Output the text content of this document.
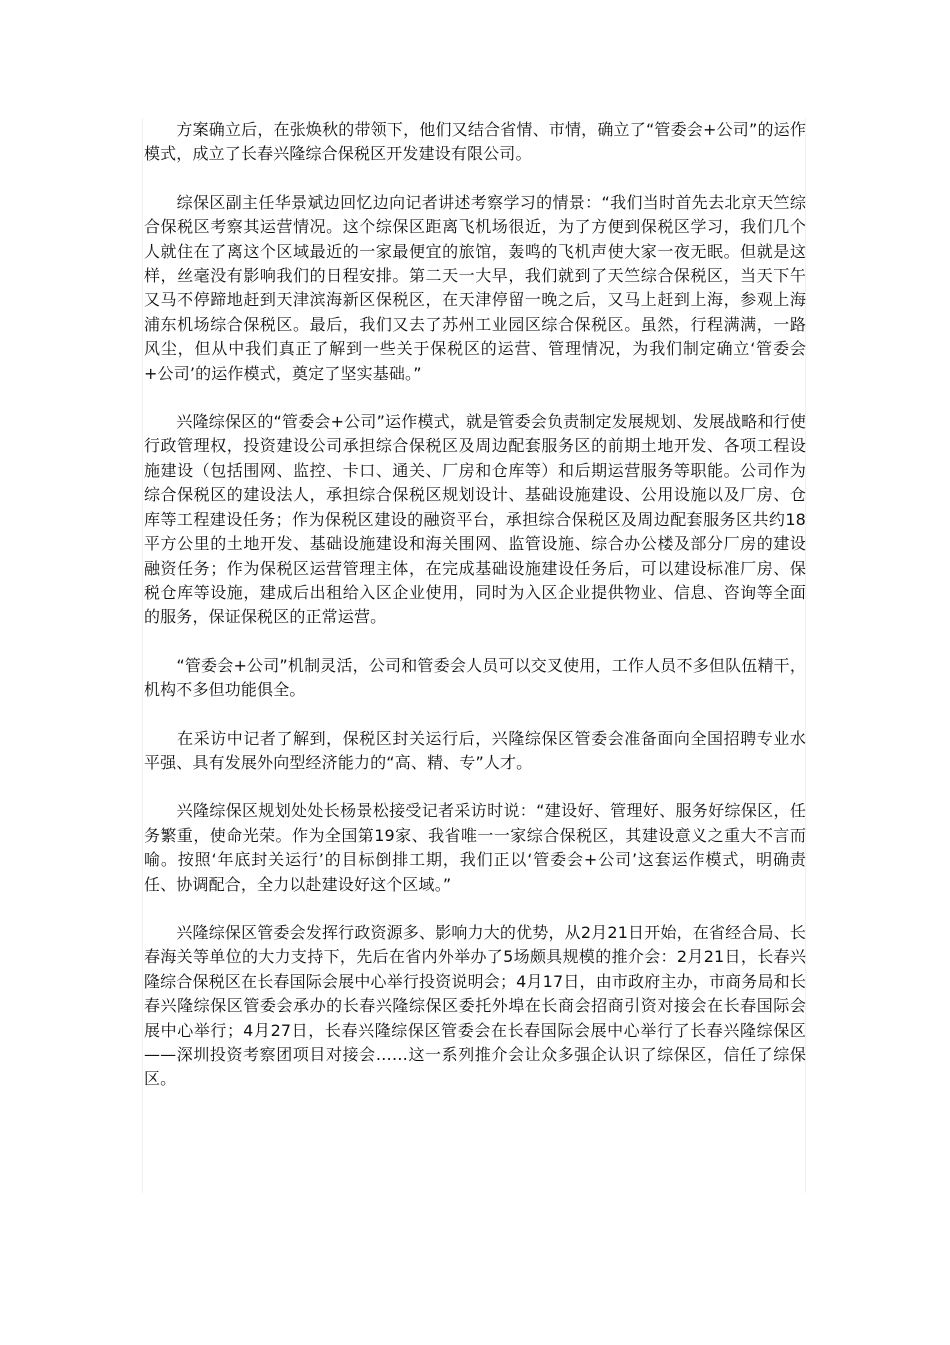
　　方案确立后，在张焕秋的带领下，他们又结合省情、市情，确立了“管委会+公司”的运作模式，成立了长春兴隆综合保税区开发建设有限公司。

　　综保区副主任华景斌边回忆边向记者讲述考察学习的情景：“我们当时首先去北京天竺综合保税区考察其运营情况。这个综保区距离飞机场很近，为了方便到保税区学习，我们几个人就住在了离这个区域最近的一家最便宜的旅馆，轰鸣的飞机声使大家一夜无眠。但就是这样，丝毫没有影响我们的日程安排。第二天一大早，我们就到了天竺综合保税区，当天下午又马不停蹄地赶到天津滨海新区保税区，在天津停留一晚之后，又马上赶到上海，参观上海浦东机场综合保税区。最后，我们又去了苏州工业园区综合保税区。虽然，行程满满，一路风尘，但从中我们真正了解到一些关于保税区的运营、管理情况，为我们制定确立‘管委会+公司’的运作模式，奠定了坚实基础。”

　　兴隆综保区的“管委会+公司”运作模式，就是管委会负责制定发展规划、发展战略和行使行政管理权，投资建设公司承担综合保税区及周边配套服务区的前期土地开发、各项工程设施建设（包括围网、监控、卡口、通关、厂房和仓库等）和后期运营服务等职能。公司作为综合保税区的建设法人，承担综合保税区规划设计、基础设施建设、公用设施以及厂房、仓库等工程建设任务；作为保税区建设的融资平台，承担综合保税区及周边配套服务区共约18平方公里的土地开发、基础设施建设和海关围网、监管设施、综合办公楼及部分厂房的建设融资任务；作为保税区运营管理主体，在完成基础设施建设任务后，可以建设标准厂房、保税仓库等设施，建成后出租给入区企业使用，同时为入区企业提供物业、信息、咨询等全面的服务，保证保税区的正常运营。

　　“管委会+公司”机制灵活，公司和管委会人员可以交叉使用，工作人员不多但队伍精干，机构不多但功能俱全。

　　在采访中记者了解到，保税区封关运行后，兴隆综保区管委会准备面向全国招聘专业水平强、具有发展外向型经济能力的“高、精、专”人才。

　　兴隆综保区规划处处长杨景松接受记者采访时说：“建设好、管理好、服务好综保区，任务繁重，使命光荣。作为全国第19家、我省唯一一家综合保税区，其建设意义之重大不言而喻。按照‘年底封关运行’的目标倒排工期，我们正以‘管委会+公司’这套运作模式，明确责任、协调配合，全力以赴建设好这个区域。”

　　兴隆综保区管委会发挥行政资源多、影响力大的优势，从2月21日开始，在省经合局、长春海关等单位的大力支持下，先后在省内外举办了5场颇具规模的推介会：2月21日，长春兴隆综合保税区在长春国际会展中心举行投资说明会；4月17日，由市政府主办，市商务局和长春兴隆综保区管委会承办的长春兴隆综保区委托外埠在长商会招商引资对接会在长春国际会展中心举行；4月27日，长春兴隆综保区管委会在长春国际会展中心举行了长春兴隆综保区——深圳投资考察团项目对接会……这一系列推介会让众多强企认识了综保区，信任了综保区。
